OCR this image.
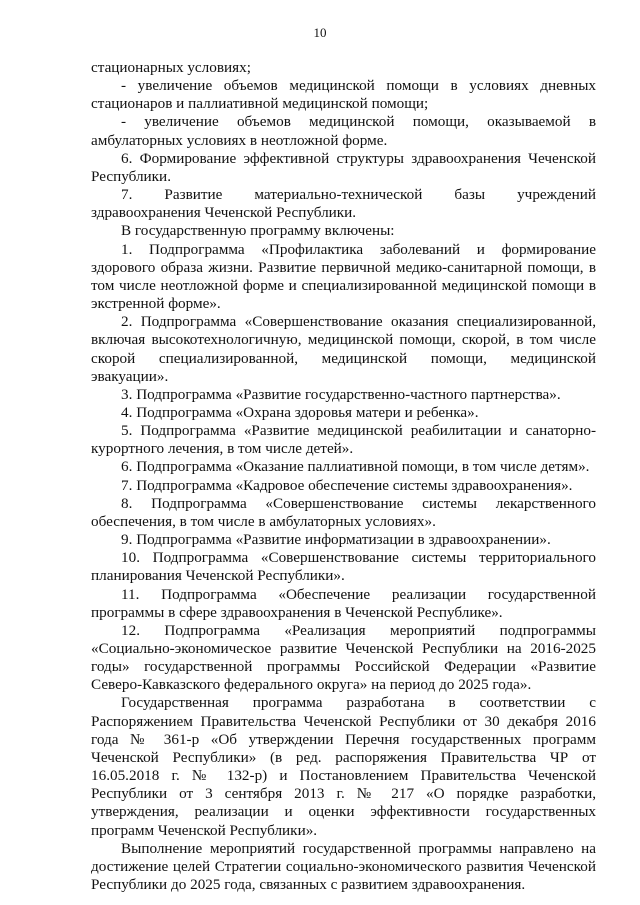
10

стационарных условиях;

- увеличение объемов медицинской помощи в условиях дневных стационаров и паллиативной медицинской помощи;

- увеличение объемов медицинской помощи, оказываемой в амбулаторных условиях в неотложной форме.

6. Формирование эффективной структуры здравоохранения Чеченской Республики.

7. Развитие материально-технической базы учреждений здравоохранения Чеченской Республики.

В государственную программу включены:

1. Подпрограмма «Профилактика заболеваний и формирование здорового образа жизни. Развитие первичной медико-санитарной помощи, в том числе неотложной форме и специализированной медицинской помощи в экстренной форме».

2. Подпрограмма «Совершенствование оказания специализированной, включая высокотехнологичную, медицинской помощи, скорой, в том числе скорой специализированной, медицинской помощи, медицинской эвакуации».

3. Подпрограмма «Развитие государственно-частного партнерства».

4. Подпрограмма «Охрана здоровья матери и ребенка».

5. Подпрограмма «Развитие медицинской реабилитации и санаторно-курортного лечения, в том числе детей».

6. Подпрограмма «Оказание паллиативной помощи, в том числе детям».

7. Подпрограмма «Кадровое обеспечение системы здравоохранения».

8. Подпрограмма «Совершенствование системы лекарственного обеспечения, в том числе в амбулаторных условиях».

9. Подпрограмма «Развитие информатизации в здравоохранении».

10. Подпрограмма «Совершенствование системы территориального планирования Чеченской Республики».

11. Подпрограмма «Обеспечение реализации государственной программы в сфере здравоохранения в Чеченской Республике».

12. Подпрограмма «Реализация мероприятий подпрограммы «Социально-экономическое развитие Чеченской Республики на 2016-2025 годы» государственной программы Российской Федерации «Развитие Северо-Кавказского федерального округа» на период до 2025 года».

Государственная программа разработана в соответствии с Распоряжением Правительства Чеченской Республики от 30 декабря 2016 года № 361-р «Об утверждении Перечня государственных программ Чеченской Республики» (в ред. распоряжения Правительства ЧР от 16.05.2018 г. № 132-р) и Постановлением Правительства Чеченской Республики от 3 сентября 2013 г. № 217 «О порядке разработки, утверждения, реализации и оценки эффективности государственных программ Чеченской Республики».

Выполнение мероприятий государственной программы направлено на достижение целей Стратегии социально-экономического развития Чеченской Республики до 2025 года, связанных с развитием здравоохранения.
